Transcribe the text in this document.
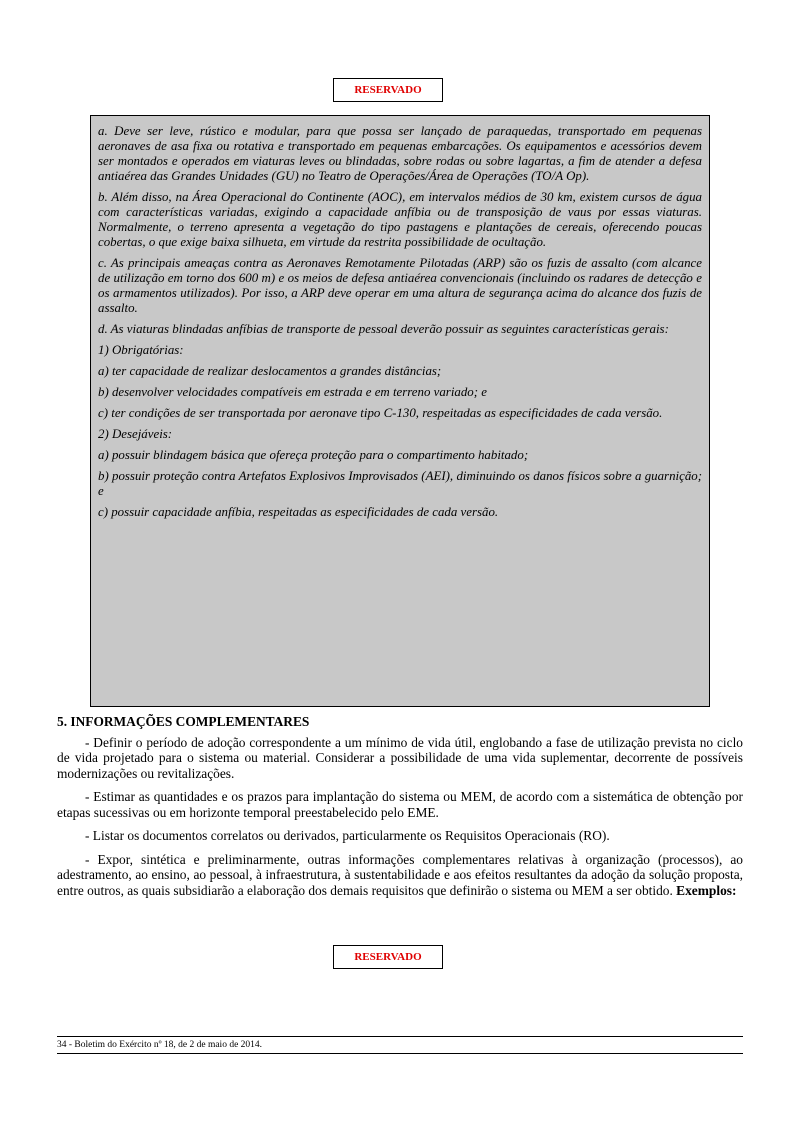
RESERVADO

a. Deve ser leve, rústico e modular, para que possa ser lançado de paraquedas, transportado em pequenas aeronaves de asa fixa ou rotativa e transportado em pequenas embarcações. Os equipamentos e acessórios devem ser montados e operados em viaturas leves ou blindadas, sobre rodas ou sobre lagartas, a fim de atender a defesa antiaérea das Grandes Unidades (GU) no Teatro de Operações/Área de Operações (TO/A Op).

b. Além disso, na Área Operacional do Continente (AOC), em intervalos médios de 30 km, existem cursos de água com características variadas, exigindo a capacidade anfíbia ou de transposição de vaus por essas viaturas. Normalmente, o terreno apresenta a vegetação do tipo pastagens e plantações de cereais, oferecendo poucas cobertas, o que exige baixa silhueta, em virtude da restrita possibilidade de ocultação.

c. As principais ameaças contra as Aeronaves Remotamente Pilotadas (ARP) são os fuzis de assalto (com alcance de utilização em torno dos 600 m) e os meios de defesa antiaérea convencionais (incluindo os radares de detecção e os armamentos utilizados). Por isso, a ARP deve operar em uma altura de segurança acima do alcance dos fuzis de assalto.

d. As viaturas blindadas anfíbias de transporte de pessoal deverão possuir as seguintes características gerais:

1) Obrigatórias:

a) ter capacidade de realizar deslocamentos a grandes distâncias;

b) desenvolver velocidades compatíveis em estrada e em terreno variado; e

c) ter condições de ser transportada por aeronave tipo C-130, respeitadas as especificidades de cada versão.

2) Desejáveis:

a) possuir blindagem básica que ofereça proteção para o compartimento habitado;

b) possuir proteção contra Artefatos Explosivos Improvisados (AEI), diminuindo os danos físicos sobre a guarnição; e

c) possuir capacidade anfíbia, respeitadas as especificidades de cada versão.

5. INFORMAÇÕES COMPLEMENTARES

- Definir o período de adoção correspondente a um mínimo de vida útil, englobando a fase de utilização prevista no ciclo de vida projetado para o sistema ou material. Considerar a possibilidade de uma vida suplementar, decorrente de possíveis modernizações ou revitalizações.

- Estimar as quantidades e os prazos para implantação do sistema ou MEM, de acordo com a sistemática de obtenção por etapas sucessivas ou em horizonte temporal preestabelecido pelo EME.

- Listar os documentos correlatos ou derivados, particularmente os Requisitos Operacionais (RO).

- Expor, sintética e preliminarmente, outras informações complementares relativas à organização (processos), ao adestramento, ao ensino, ao pessoal, à infraestrutura, à sustentabilidade e aos efeitos resultantes da adoção da solução proposta, entre outros, as quais subsidiarão a elaboração dos demais requisitos que definirão o sistema ou MEM a ser obtido. Exemplos:

RESERVADO
34 - Boletim do Exército nº 18, de 2 de maio de 2014.
